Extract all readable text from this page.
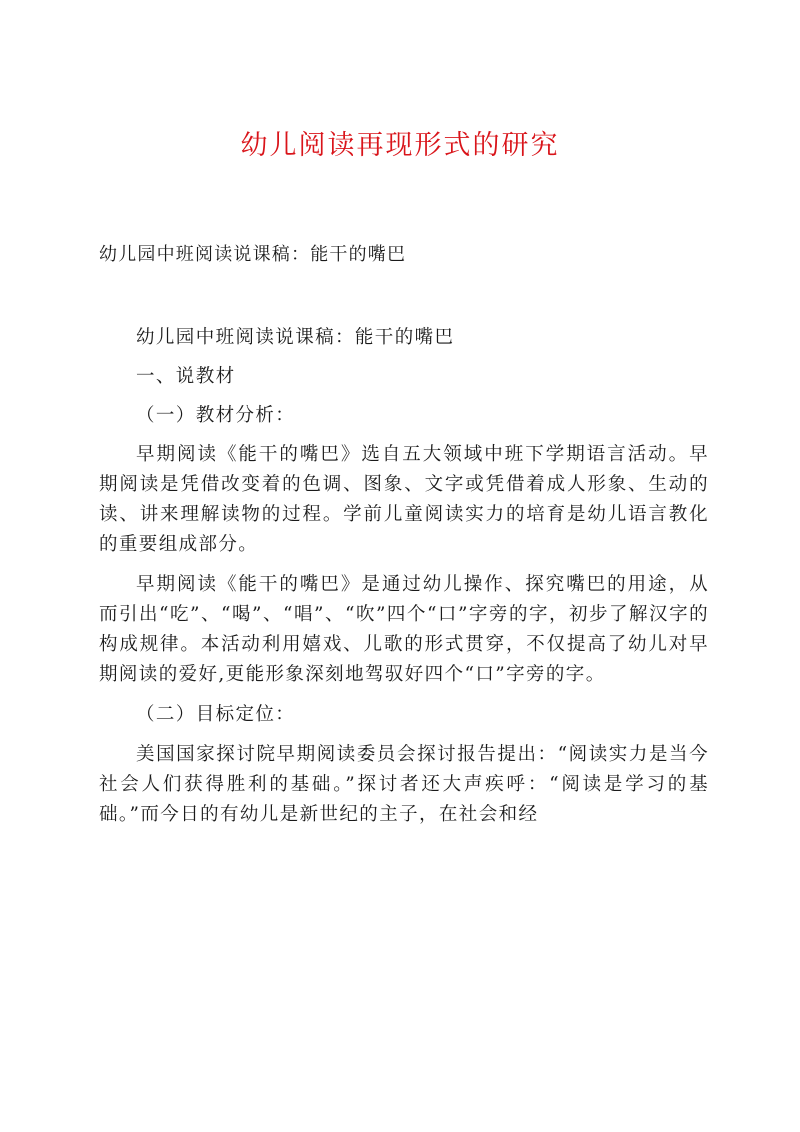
幼儿阅读再现形式的研究

幼儿园中班阅读说课稿：能干的嘴巴

幼儿园中班阅读说课稿：能干的嘴巴

一、说教材

（一）教材分析：

早期阅读《能干的嘴巴》选自五大领域中班下学期语言活动。早期阅读是凭借改变着的色调、图象、文字或凭借着成人形象、生动的读、讲来理解读物的过程。学前儿童阅读实力的培育是幼儿语言教化的重要组成部分。

早期阅读《能干的嘴巴》是通过幼儿操作、探究嘴巴的用途，从而引出“吃”、“喝”、“唱”、“吹”四个“口”字旁的字，初步了解汉字的构成规律。本活动利用嬉戏、儿歌的形式贯穿，不仅提高了幼儿对早期阅读的爱好,更能形象深刻地驾驭好四个“口”字旁的字。

（二）目标定位：

美国国家探讨院早期阅读委员会探讨报告提出：“阅读实力是当今社会人们获得胜利的基础。”探讨者还大声疾呼：“阅读是学习的基础。”而今日的有幼儿是新世纪的主子，在社会和经
